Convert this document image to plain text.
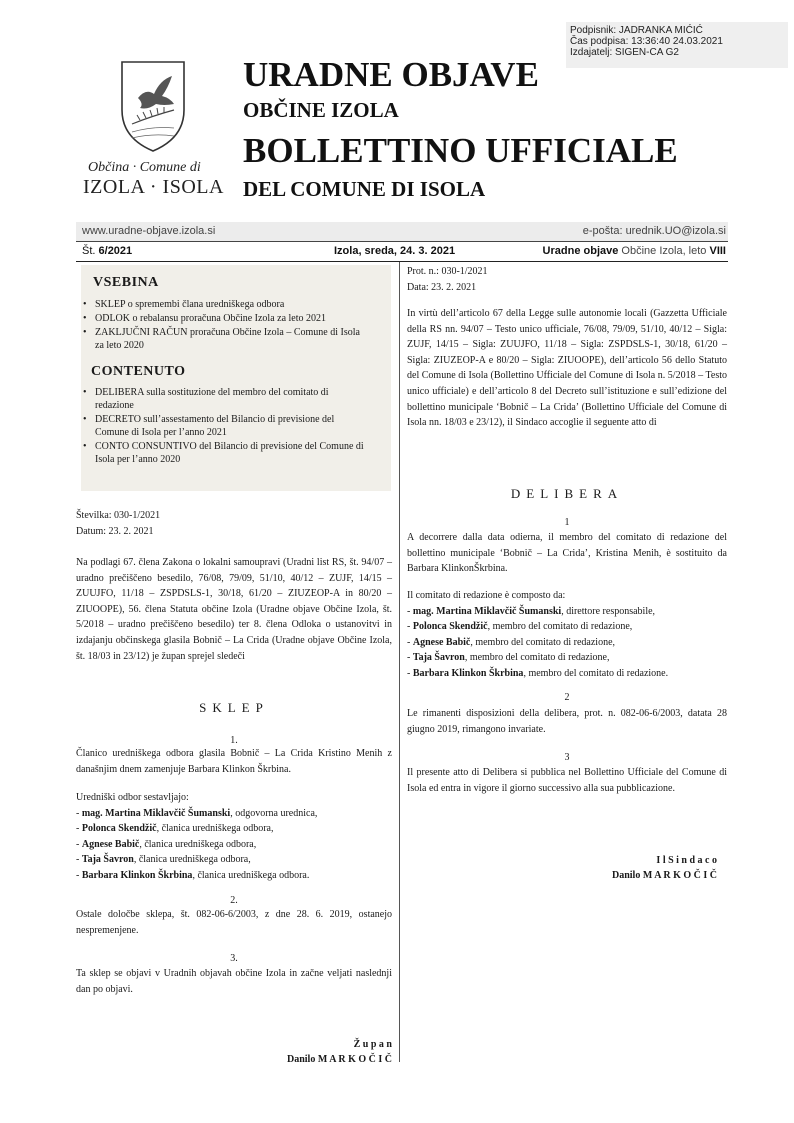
Podpisnik: JADRANKA MIĆIĆ
Čas podpisa: 13:36:40 24.03.2021
Izdajatelj: SIGEN-CA G2
Občina · Comune di
IZOLA · ISOLA
URADNE OBJAVE
OBČINE IZOLA
BOLLETTINO UFFICIALE
DEL COMUNE DI ISOLA
www.uradne-objave.izola.si	e-pošta: urednik.UO@izola.si
Št. 6/2021	Izola, sreda, 24. 3. 2021	Uradne objave Občine Izola, leto VIII
VSEBINA
• SKLEP o spremembi člana uredniškega odbora
• ODLOK o rebalansu proračuna Občine Izola za leto 2021
• ZAKLJUČNI RAČUN proračuna Občine Izola – Comune di Isola za leto 2020
CONTENUTO
• DELIBERA sulla sostituzione del membro del comitato di redazione
• DECRETO sull’assestamento del Bilancio di previsione del Comune di Isola per l’anno 2021
• CONTO CONSUNTIVO del Bilancio di previsione del Comune di Isola per l’anno 2020

Številka: 030-1/2021

Datum: 23. 2. 2021

Na podlagi 67. člena Zakona o lokalni samoupravi (Uradni list RS, št. 94/07 – uradno prečiščeno besedilo, 76/08, 79/09, 51/10, 40/12 – ZUJF, 14/15 – ZUUJFO, 11/18 – ZSPDSLS-1, 30/18, 61/20 – ZIUZEOP-A in 80/20 – ZIUOOPE), 56. člena Statuta občine Izola (Uradne objave Občine Izola, št. 5/2018 – uradno prečiščeno besedilo) ter 8. člena Odloka o ustanovitvi in izdajanju občinskega glasila Bobnič – La Crida (Uradne objave Občine Izola, št. 18/03 in 23/12) je župan sprejel sledeči

SKLEP
1.

Članico uredniškega odbora glasila Bobnič – La Crida Kristino Menih z današnjim dnem zamenjuje Barbara Klinkon Škrbina.

Uredniški odbor sestavljajo:

- mag. Martina Miklavčič Šumanski, odgovorna urednica,

- Polonca Skendžič, članica uredniškega odbora,

- Agnese Babič, članica uredniškega odbora,

- Taja Šavron, članica uredniškega odbora,

- Barbara Klinkon Škrbina, članica uredniškega odbora.

2.

Ostale določbe sklepa, št. 082-06-6/2003, z dne 28. 6. 2019, ostanejo nespremenjene.

3.

Ta sklep se objavi v Uradnih objavah občine Izola in začne veljati naslednji dan po objavi.

Ž u p a n
Danilo M A R K O Č I Č

Prot. n.: 030-1/2021

Data: 23. 2. 2021

In virtù dell’articolo 67 della Legge sulle autonomie locali (Gazzetta Ufficiale della RS nn. 94/07 – Testo unico ufficiale, 76/08, 79/09, 51/10, 40/12 – Sigla: ZUJF, 14/15 – Sigla: ZUUJFO, 11/18 – Sigla: ZSPDSLS-1, 30/18, 61/20 – Sigla: ZIUZEOP-A e 80/20 – Sigla: ZIUOOPE), dell’articolo 56 dello Statuto del Comune di Isola (Bollettino Ufficiale del Comune di Isola n. 5/2018 – Testo unico ufficiale) e dell’articolo 8 del Decreto sull’istituzione e sull’edizione del bollettino municipale ‘Bobnič – La Crida’ (Bollettino Ufficiale del Comune di Isola nn. 18/03 e 23/12), il Sindaco accoglie il seguente atto di

DELIBERA
1

A decorrere dalla data odierna, il membro del comitato di redazione del bollettino municipale ‘Bobnič – La Crida’, Kristina Menih, è sostituito da Barbara KlinkonŠkrbina.

Il comitato di redazione è composto da:

- mag. Martina Miklavčič Šumanski, direttore responsabile,

- Polonca Skendžič, membro del comitato di redazione,

- Agnese Babič, membro del comitato di redazione,

- Taja Šavron, membro del comitato di redazione,

- Barbara Klinkon Škrbina, membro del comitato di redazione.

2

Le rimanenti disposizioni della delibera, prot. n. 082-06-6/2003, datata 28 giugno 2019, rimangono invariate.

3

Il presente atto di Delibera si pubblica nel Bollettino Ufficiale del Comune di Isola ed entra in vigore il giorno successivo alla sua pubblicazione.

I l S i n d a c o
Danilo M A R K O Č I Č
